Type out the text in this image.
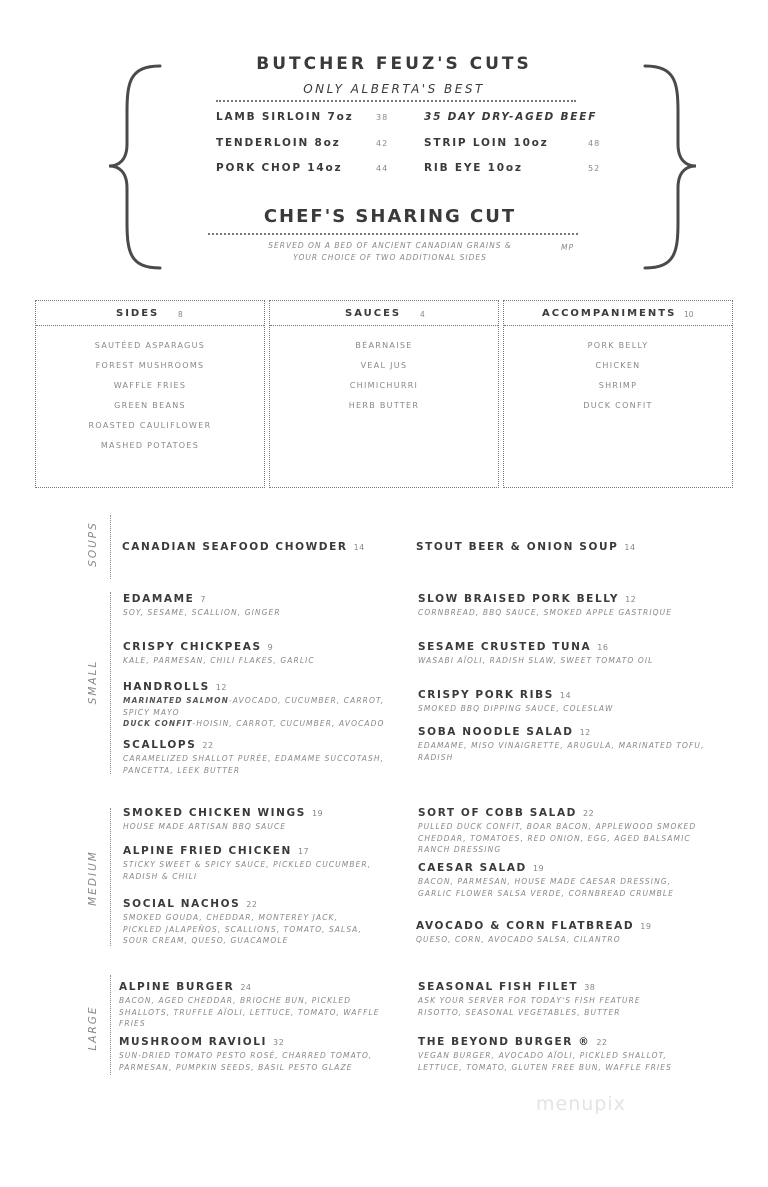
BUTCHER FEUZ'S CUTS
ONLY ALBERTA'S BEST
LAMB SIRLOIN 7oz	38
TENDERLOIN 8oz	42
PORK CHOP 14oz	44
35 DAY DRY-AGED BEEF
STRIP LOIN 10oz	48
RIB EYE 10oz	52
CHEF'S SHARING CUT
SERVED ON A BED OF ANCIENT CANADIAN GRAINS &
YOUR CHOICE OF TWO ADDITIONAL SIDES
MP
SIDES 8
SAUTÉED ASPARAGUS
FOREST MUSHROOMS
WAFFLE FRIES
GREEN BEANS
ROASTED CAULIFLOWER
MASHED POTATOES
SAUCES	4
BÉARNAISE
VEAL JUS
CHIMICHURRI
HERB BUTTER
ACCOMPANIMENTS 10
PORK BELLY
CHICKEN
SHRIMP
DUCK CONFIT
SOUPS
SMALL
MEDIUM
LARGE
CANADIAN SEAFOOD CHOWDER 14	STOUT BEER & ONION SOUP 14
EDAMAME 7
SOY, SESAME, SCALLION, GINGER
CRISPY CHICKPEAS 9
KALE, PARMESAN, CHILI FLAKES, GARLIC
HANDROLLS 12
MARINATED SALMON-AVOCADO, CUCUMBER, CARROT,
SPICY MAYO
DUCK CONFIT-HOISIN, CARROT, CUCUMBER, AVOCADO
SCALLOPS 22
CARAMELIZED SHALLOT PURÉE, EDAMAME SUCCOTASH,
PANCETTA, LEEK BUTTER
SLOW BRAISED PORK BELLY 12
CORNBREAD, BBQ SAUCE, SMOKED APPLE GASTRIQUE
SESAME CRUSTED TUNA 16
WASABI AÏOLI, RADISH SLAW, SWEET TOMATO OIL
CRISPY PORK RIBS 14
SMOKED BBQ DIPPING SAUCE, COLESLAW
SOBA NOODLE SALAD 12
EDAMAME, MISO VINAIGRETTE, ARUGULA, MARINATED TOFU,
RADISH
SMOKED CHICKEN WINGS 19
HOUSE MADE ARTISAN BBQ SAUCE
ALPINE FRIED CHICKEN 17
STICKY SWEET & SPICY SAUCE, PICKLED CUCUMBER,
RADISH & CHILI
SOCIAL NACHOS 22
SMOKED GOUDA, CHEDDAR, MONTEREY JACK,
PICKLED JALAPEÑOS, SCALLIONS, TOMATO, SALSA,
SOUR CREAM, QUESO, GUACAMOLE
SORT OF COBB SALAD 22
PULLED DUCK CONFIT, BOAR BACON, APPLEWOOD SMOKED
CHEDDAR, TOMATOES, RED ONION, EGG, AGED BALSAMIC
RANCH DRESSING
CAESAR SALAD 19
BACON, PARMESAN, HOUSE MADE CAESAR DRESSING,
GARLIC FLOWER SALSA VERDE, CORNBREAD CRUMBLE
AVOCADO & CORN FLATBREAD 19
QUESO, CORN, AVOCADO SALSA, CILANTRO
ALPINE BURGER 24
BACON, AGED CHEDDAR, BRIOCHE BUN, PICKLED
SHALLOTS, TRUFFLE AÏOLI, LETTUCE, TOMATO, WAFFLE
FRIES
MUSHROOM RAVIOLI 32
SUN-DRIED TOMATO PESTO ROSÉ, CHARRED TOMATO,
PARMESAN, PUMPKIN SEEDS, BASIL PESTO GLAZE
SEASONAL FISH FILET 38
ASK YOUR SERVER FOR TODAY'S FISH FEATURE
RISOTTO, SEASONAL VEGETABLES, BUTTER
THE BEYOND BURGER ® 22
VEGAN BURGER, AVOCADO AÏOLI, PICKLED SHALLOT,
LETTUCE, TOMATO, GLUTEN FREE BUN, WAFFLE FRIES
menupix
